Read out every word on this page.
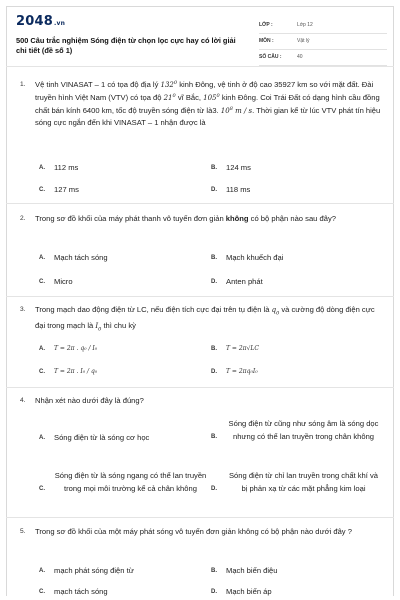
2048.vn
500 Câu trắc nghiệm Sóng điện từ chọn lọc cực hay có lời giải chi tiết (đề số 1)
LỚP :	Lớp 12
MÔN :	Vật lý
SỐ CÂU :	40
1. Vệ tinh VINASAT – 1 có tọa độ địa lý $132^0$ kinh Đông, vệ tinh ở độ cao 35927 km so với mặt đất. Đài truyền hình Việt Nam (VTV) có tọa độ $21^0$ vĩ Bắc, $105^0$ kinh Đông. Coi Trái Đất có dạng hình cầu đồng chất bán kính 6400 km, tốc độ truyền sóng điện từ là3. $10^8$ m / s. Thời gian kể từ lúc VTV phát tín hiệu sóng cực ngắn đến khi VINASAT – 1 nhận được là
A. 112 ms	B. 124 ms
C. 127 ms	D. 118 ms
2. Trong sơ đồ khối của máy phát thanh vô tuyến đơn giản không có bộ phận nào sau đây?
A. Mạch tách sóng	B. Mạch khuếch đại
C. Micro	D. Anten phát
3. Trong mạch dao động điện từ LC, nếu điện tích cực đại trên tụ điện là $q_0$ và cường độ dòng điện cực đại trong mạch là $I_0$ thì chu kỳ
A. T = 2π . q₀ / I₀	B. T = 2π√LC
C. T = 2π . I₀ / q₀	D. T = 2πq₀I₀
4. Nhận xét nào dưới đây là đúng?
A. Sóng điện từ là sóng cơ học	B.
Sóng điện từ cũng như sóng âm là sóng dọc nhưng có thể lan truyền trong chân không
C.
Sóng điện từ là sóng ngang có thể lan truyền trong mọi môi trường kể cả chân không	D.
Sóng điện từ chỉ lan truyền trong chất khí và bị phản xạ từ các mặt phẳng kim loại
5. Trong sơ đồ khối của một máy phát sóng vô tuyến đơn giản không có bộ phận nào dưới đây ?
A. mạch phát sóng điện từ	B. Mạch biến điệu
C. mạch tách sóng	D. Mạch biến áp
